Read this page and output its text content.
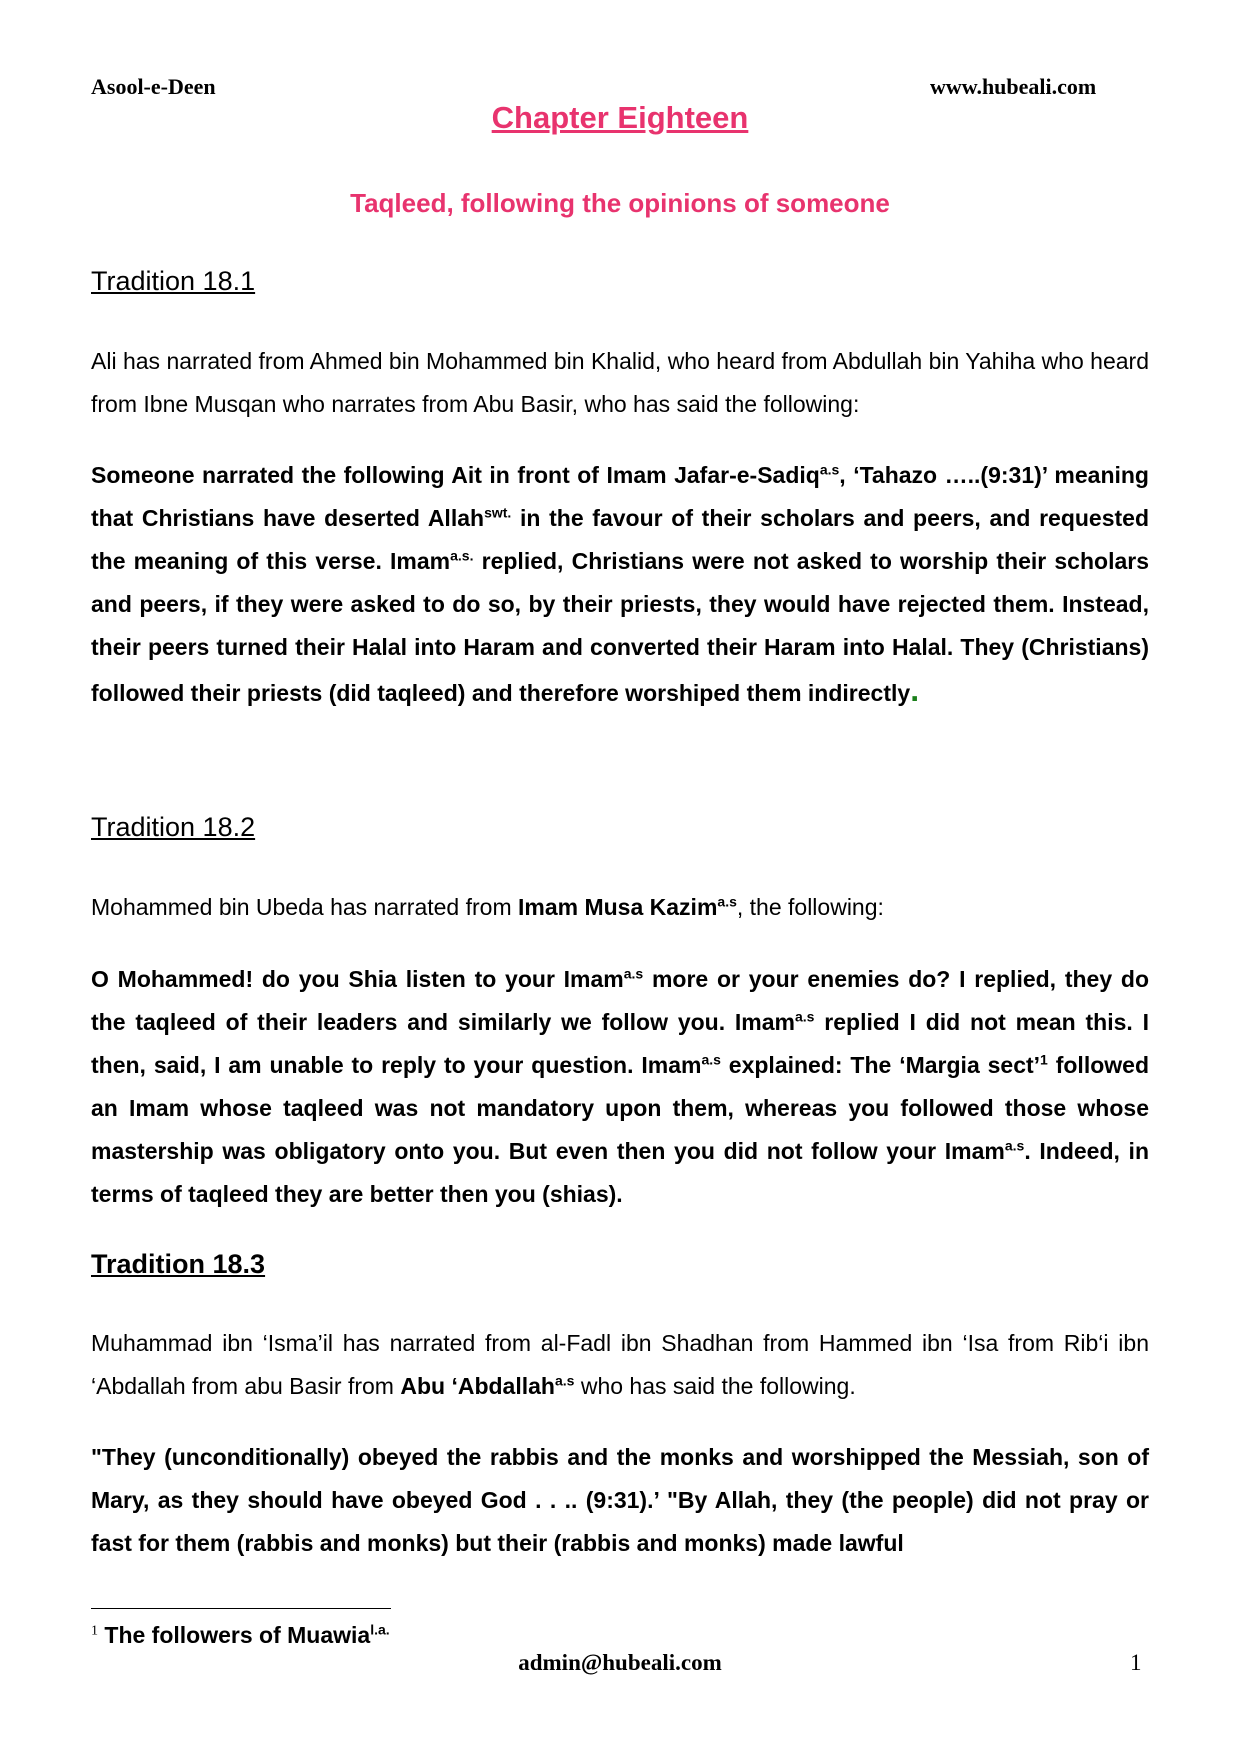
Asool-e-Deen	www.hubeali.com
Chapter Eighteen
Taqleed, following the opinions of someone
Tradition 18.1
Ali has narrated from Ahmed bin Mohammed bin Khalid, who heard from Abdullah bin Yahiha who heard from Ibne Musqan who narrates from Abu Basir, who has said the following:
Someone narrated the following Ait in front of Imam Jafar-e-Sadiq$^{a.s}$, ‘Tahazo …..(9:31)’ meaning that Christians have deserted Allah$^{swt.}$ in the favour of their scholars and peers, and requested the meaning of this verse. Imam$^{a.s.}$ replied, Christians were not asked to worship their scholars and peers, if they were asked to do so, by their priests, they would have rejected them. Instead, their peers turned their Halal into Haram and converted their Haram into Halal. They (Christians) followed their priests (did taqleed) and therefore worshiped them indirectly.
Tradition 18.2
Mohammed bin Ubeda has narrated from Imam Musa Kazim$^{a.s}$, the following:
O Mohammed! do you Shia listen to your Imam$^{a.s}$ more or your enemies do? I replied, they do the taqleed of their leaders and similarly we follow you. Imam$^{a.s}$ replied I did not mean this. I then, said, I am unable to reply to your question. Imam$^{a.s}$ explained: The ‘Margia sect’$^1$ followed an Imam whose taqleed was not mandatory upon them, whereas you followed those whose mastership was obligatory onto you. But even then you did not follow your Imam$^{a.s}$. Indeed, in terms of taqleed they are better then you (shias).
Tradition 18.3
Muhammad ibn ‘Isma’il has narrated from al-Fadl ibn Shadhan from Hammed ibn ‘Isa from Rib‘i ibn ‘Abdallah from abu Basir from Abu ‘Abdallah$^{a.s}$ who has said the following.
"They (unconditionally) obeyed the rabbis and the monks and worshipped the Messiah, son of Mary, as they should have obeyed God . . .. (9:31).’ "By Allah, they (the people) did not pray or fast for them (rabbis and monks) but their (rabbis and monks) made lawful
$^1$ The followers of Muawia$^{l.a.}$
admin@hubeali.com	1
